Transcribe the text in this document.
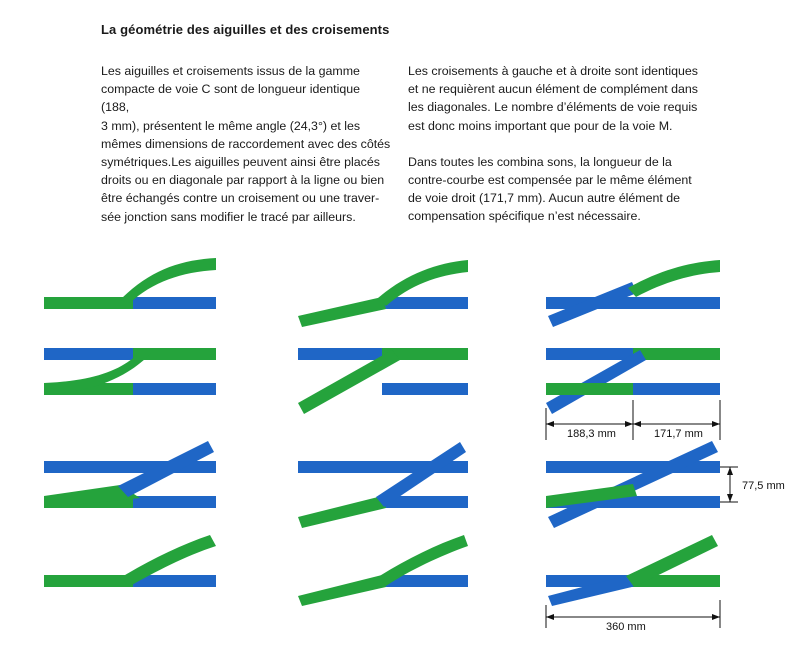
La géométrie des aiguilles et des croisements

Les aiguilles et croisements issus de la gamme
compacte de voie C sont de longueur identique (188,
3 mm), présentent le même angle (24,3°) et les
mêmes dimensions de raccordement avec des côtés
symétriques.Les aiguilles peuvent ainsi être placés
droits ou en diagonale par rapport à la ligne ou bien
être échangés contre un croisement ou une traver-
sée jonction sans modifier le tracé par ailleurs.

Les croisements à gauche et à droite sont identiques
et ne requièrent aucun élément de complément dans
les diagonales. Le nombre d’éléments de voie requis
est donc moins important que pour de la voie M.

Dans toutes les combina sons, la longueur de la
contre-courbe est compensée par le même élément
de voie droit (171,7 mm). Aucun autre élément de
compensation spécifique n’est nécessaire.

188,3 mm	171,7 mm
77,5 mm
360 mm
